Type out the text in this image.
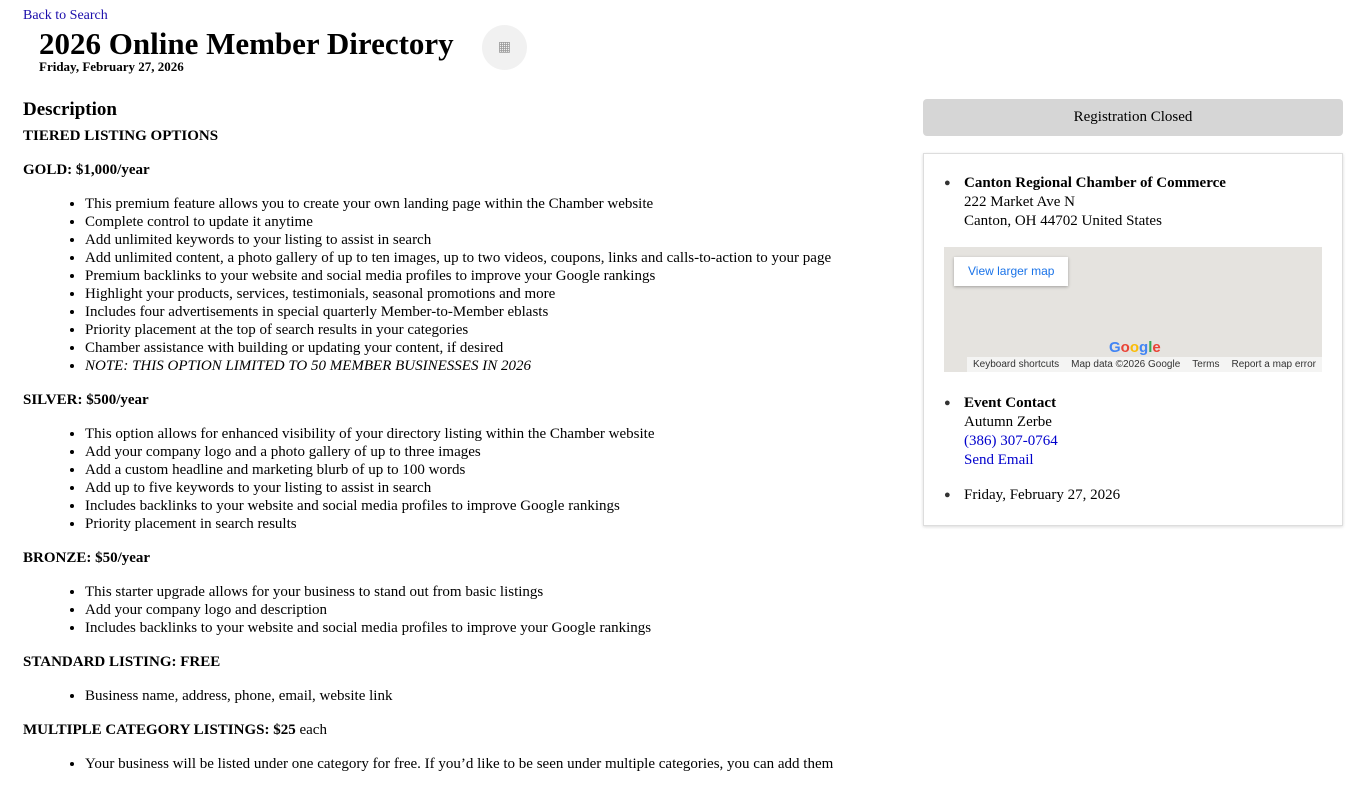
Back to Search
2026 Online Member Directory
Friday, February 27, 2026
▦
Description
TIERED LISTING OPTIONS
GOLD: $1,000/year
• This premium feature allows you to create your own landing page within the Chamber website
• Complete control to update it anytime
• Add unlimited keywords to your listing to assist in search
• Add unlimited content, a photo gallery of up to ten images, up to two videos, coupons, links and calls-to-action to your page
• Premium backlinks to your website and social media profiles to improve your Google rankings
• Highlight your products, services, testimonials, seasonal promotions and more
• Includes four advertisements in special quarterly Member-to-Member eblasts
• Priority placement at the top of search results in your categories
• Chamber assistance with building or updating your content, if desired
• NOTE: THIS OPTION LIMITED TO 50 MEMBER BUSINESSES IN 2026
SILVER: $500/year
• This option allows for enhanced visibility of your directory listing within the Chamber website
• Add your company logo and a photo gallery of up to three images
• Add a custom headline and marketing blurb of up to 100 words
• Add up to five keywords to your listing to assist in search
• Includes backlinks to your website and social media profiles to improve Google rankings
• Priority placement in search results
BRONZE: $50/year
• This starter upgrade allows for your business to stand out from basic listings
• Add your company logo and description
• Includes backlinks to your website and social media profiles to improve your Google rankings
STANDARD LISTING: FREE
• Business name, address, phone, email, website link
MULTIPLE CATEGORY LISTINGS: $25 each
• Your business will be listed under one category for free. If you’d like to be seen under multiple categories, you can add them
Registration Closed
● Canton Regional Chamber of Commerce
222 Market Ave N
Canton, OH 44702 United States
View larger map
Google
Keyboard shortcuts Map data ©2026 Google Terms Report a map error
● Event Contact
Autumn Zerbe
(386) 307-0764
Send Email
● Friday, February 27, 2026
